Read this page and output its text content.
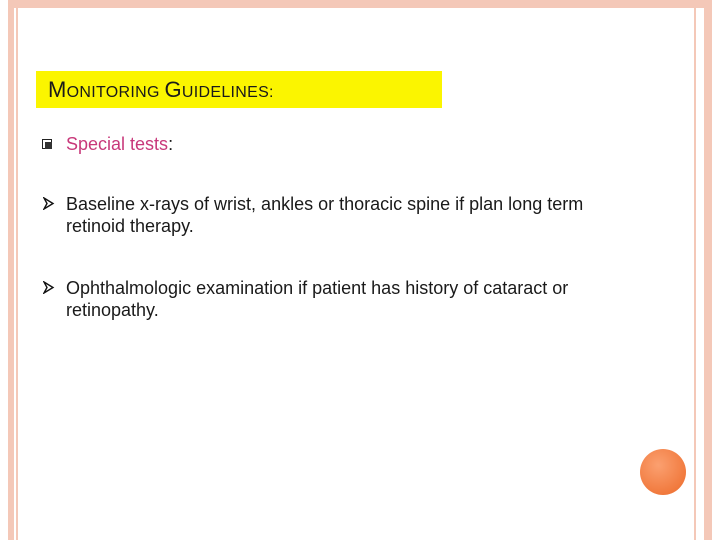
MONITORING GUIDELINES:
Special tests:
Baseline x-rays of wrist, ankles or thoracic spine if plan long term retinoid therapy.
Ophthalmologic examination if patient has history of cataract or retinopathy.
